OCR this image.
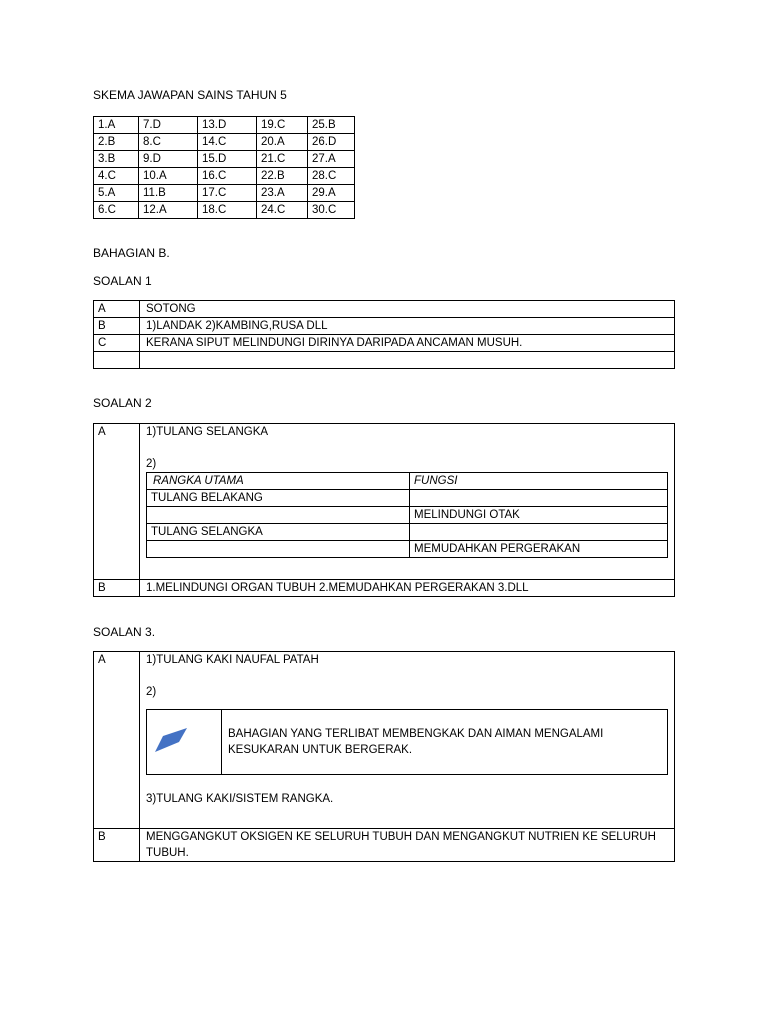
SKEMA JAWAPAN SAINS TAHUN 5
1.A	7.D	13.D	19.C	25.B
2.B	8.C	14.C	20.A	26.D
3.B	9.D	15.D	21.C	27.A
4.C	10.A	16.C	22.B	28.C
5.A	11.B	17.C	23.A	29.A
6.C	12.A	18.C	24.C	30.C
BAHAGIAN B.
SOALAN 1
A	SOTONG
B	1)LANDAK 2)KAMBING,RUSA DLL
C	KERANA SIPUT MELINDUNGI DIRINYA DARIPADA ANCAMAN MUSUH.

SOALAN 2
A	1)TULANG SELANGKA
2)
RANGKA UTAMA	FUNGSI
TULANG BELAKANG	
	MELINDUNGI OTAK
TULANG SELANGKA	
	MEMUDAHKAN PERGERAKAN

B	1.MELINDUNGI ORGAN TUBUH 2.MEMUDAHKAN PERGERAKAN 3.DLL
SOALAN 3.
A	1)TULANG KAKI NAUFAL PATAH
2)
	BAHAGIAN YANG TERLIBAT MEMBENGKAK DAN AIMAN MENGALAMI KESUKARAN UNTUK BERGERAK.
3)TULANG KAKI/SISTEM RANGKA.

B	MENGGANGKUT OKSIGEN KE SELURUH TUBUH DAN MENGANGKUT NUTRIEN KE SELURUH TUBUH.
